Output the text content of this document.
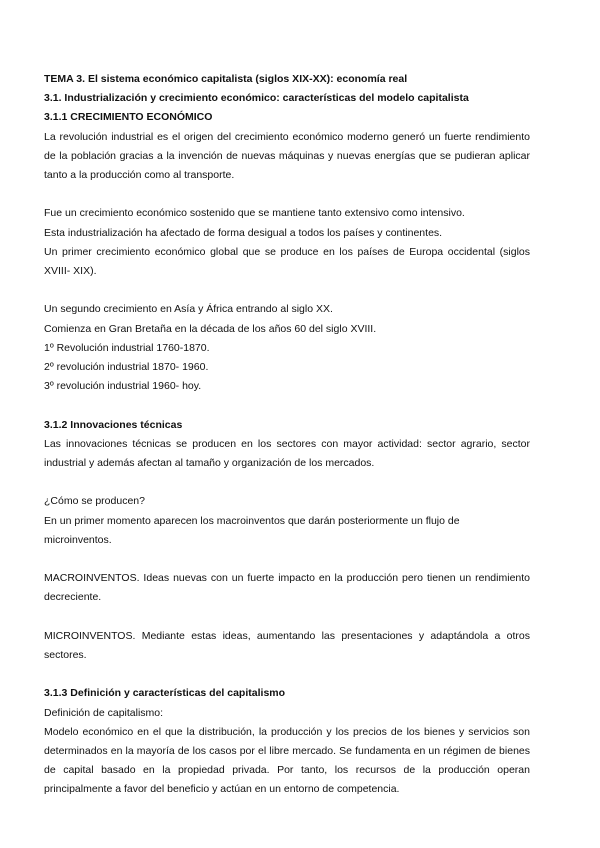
TEMA 3. El sistema económico capitalista (siglos XIX-XX): economía real

3.1. Industrialización y crecimiento económico: características del modelo capitalista

3.1.1 CRECIMIENTO ECONÓMICO

La revolución industrial es el origen del crecimiento económico moderno generó un fuerte rendimiento de la población gracias a la invención de nuevas máquinas y nuevas energías que se pudieran aplicar tanto a la producción como al transporte.

Fue un crecimiento económico sostenido que se mantiene tanto extensivo como intensivo.

Esta industrialización ha afectado de forma desigual a todos los países y continentes.

Un primer crecimiento económico global que se produce en los países de Europa occidental (siglos XVIII- XIX).

Un segundo crecimiento en Asía y África entrando al siglo XX.

Comienza en Gran Bretaña en la década de los años 60 del siglo XVIII.

1º Revolución industrial 1760-1870.

2º revolución industrial 1870- 1960.

3º revolución industrial 1960- hoy.

3.1.2 Innovaciones técnicas

Las innovaciones técnicas se producen en los sectores con mayor actividad: sector agrario, sector industrial y además afectan al tamaño y organización de los mercados.

¿Cómo se producen?

En un primer momento aparecen los macroinventos que darán posteriormente un flujo de microinventos.

MACROINVENTOS. Ideas nuevas con un fuerte impacto en la producción pero tienen un rendimiento decreciente.

MICROINVENTOS. Mediante estas ideas, aumentando las presentaciones y adaptándola a otros sectores.

3.1.3 Definición y características del capitalismo

Definición de capitalismo:

Modelo económico en el que la distribución, la producción y los precios de los bienes y servicios son determinados en la mayoría de los casos por el libre mercado. Se fundamenta en un régimen de bienes de capital basado en la propiedad privada. Por tanto, los recursos de la producción operan principalmente a favor del beneficio y actúan en un entorno de competencia.
